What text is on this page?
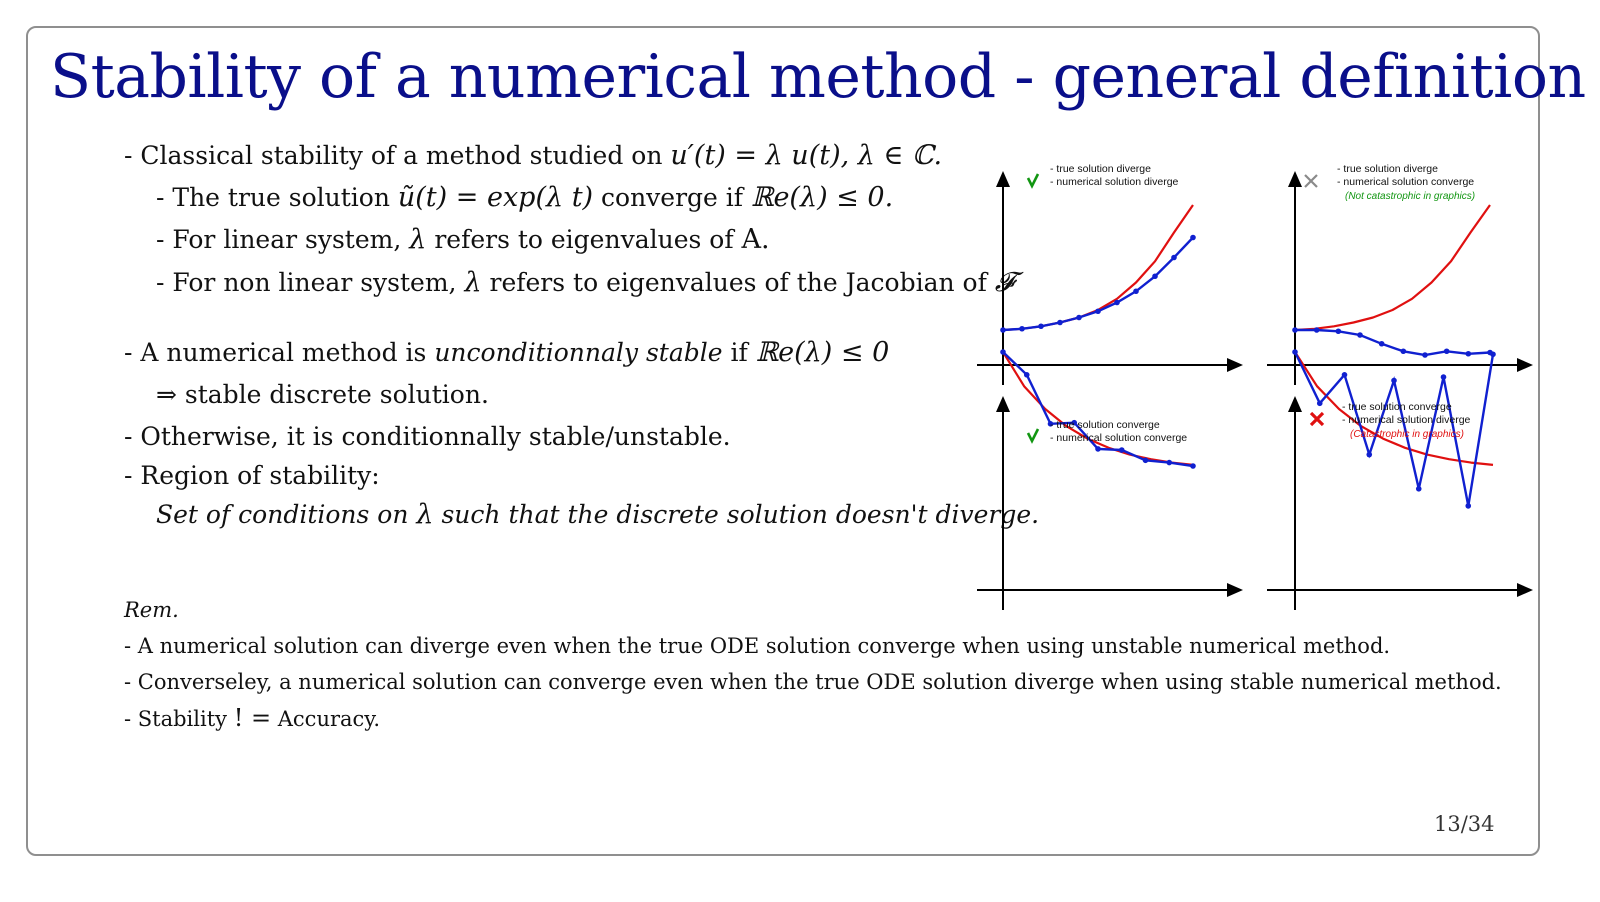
Stability of a numerical method - general definition
- Classical stability of a method studied on u′(t) = λ u(t), λ ∈ ℂ.
- The true solution ũ(t) = exp(λ t) converge if ℝe(λ) ≤ 0.
- For linear system, λ refers to eigenvalues of A.
- For non linear system, λ refers to eigenvalues of the Jacobian of 𝓕
- A numerical method is unconditionnaly stable if ℝe(λ) ≤ 0
⇒ stable discrete solution.
- Otherwise, it is conditionnally stable/unstable.
- Region of stability:
Set of conditions on λ such that the discrete solution doesn't diverge.
Rem.
- A numerical solution can diverge even when the true ODE solution converge when using unstable numerical method.
- Converseley, a numerical solution can converge even when the true ODE solution diverge when using stable numerical method.
- Stability ! = Accuracy.
13/34
- true solution diverge
- numerical solution diverge
- true solution diverge
- numerical solution converge
(Not catastrophic in graphics)
- true solution converge
- numerical solution converge
- true solution converge
- numerical solution diverge
(Catastrophic in graphics)
